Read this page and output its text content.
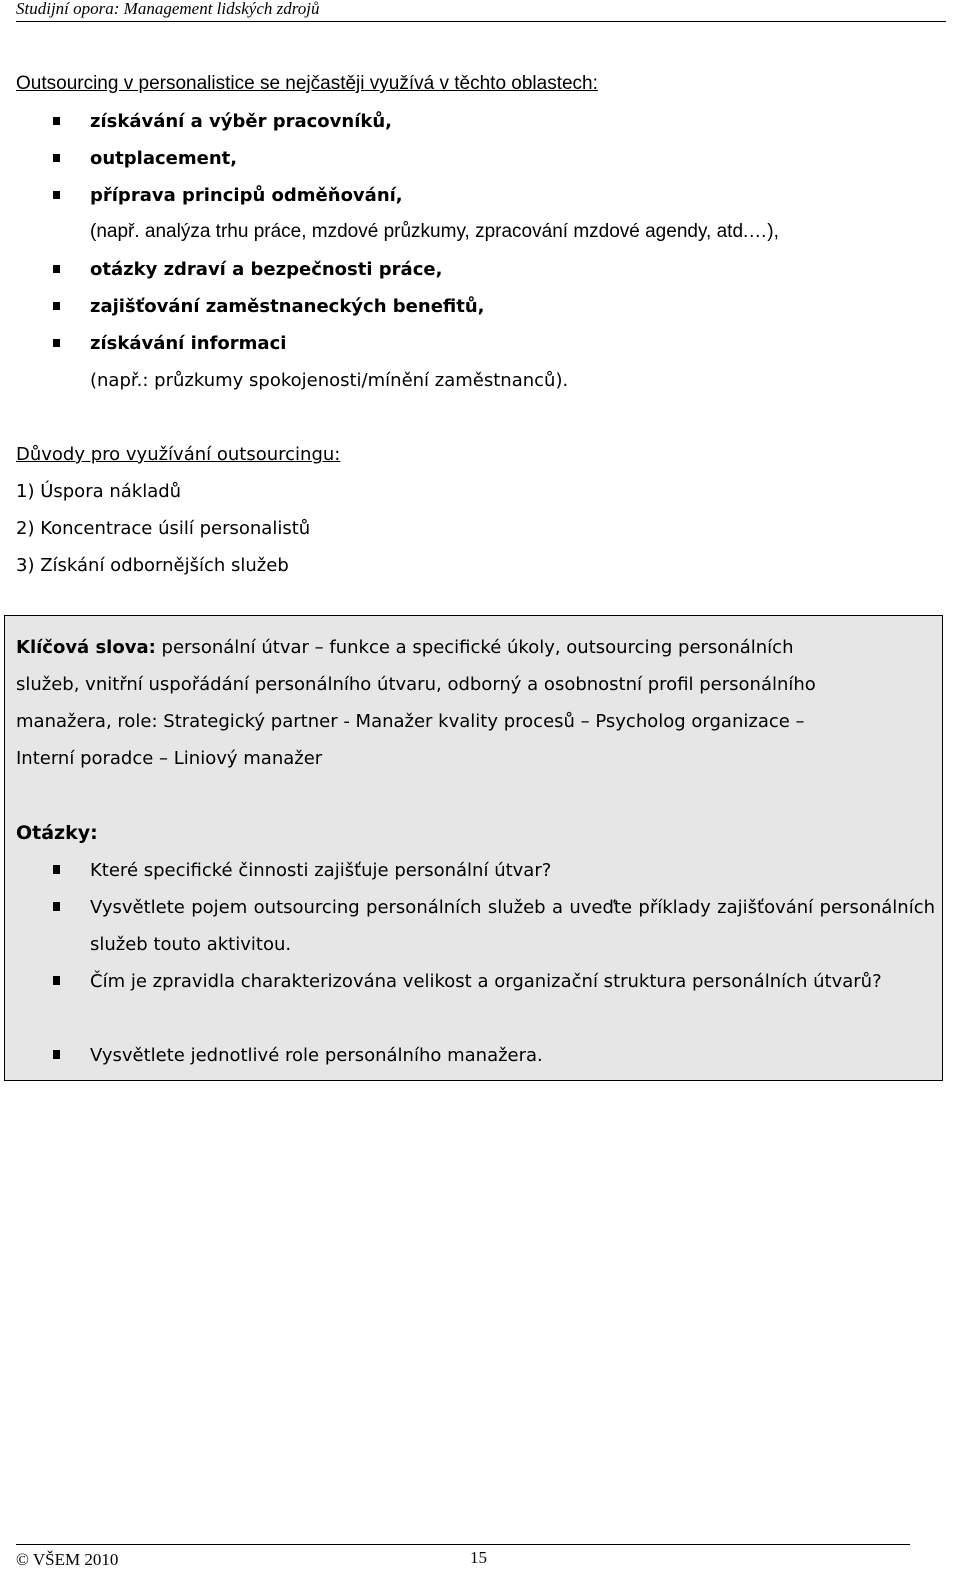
Studijní opora: Management lidských zdrojů
Outsourcing v personalistice se nejčastěji využívá v těchto oblastech:
získávání a výběr pracovníků,
outplacement,
příprava principů odměňování,
(např. analýza trhu práce, mzdové průzkumy, zpracování mzdové agendy, atd.…),
otázky zdraví a bezpečnosti práce,
zajišťování zaměstnaneckých benefitů,
získávání informaci
(např.: průzkumy spokojenosti/mínění zaměstnanců).
Důvody pro využívání outsourcingu:
1) Úspora nákladů
2) Koncentrace úsilí personalistů
3) Získání odbornějších služeb
Klíčová slova: personální útvar – funkce a specifické úkoly, outsourcing personálních
služeb, vnitřní uspořádání personálního útvaru, odborný a osobnostní profil personálního
manažera, role: Strategický partner - Manažer kvality procesů – Psycholog organizace –
Interní poradce – Liniový manažer
Otázky:
Které specifické činnosti zajišťuje personální útvar?
Vysvětlete pojem outsourcing personálních služeb a uveďte příklady zajišťování personálních služeb touto aktivitou.
Čím je zpravidla charakterizována velikost a organizační struktura personálních útvarů?
Vysvětlete jednotlivé role personálního manažera.
© VŠEM 2010	15
